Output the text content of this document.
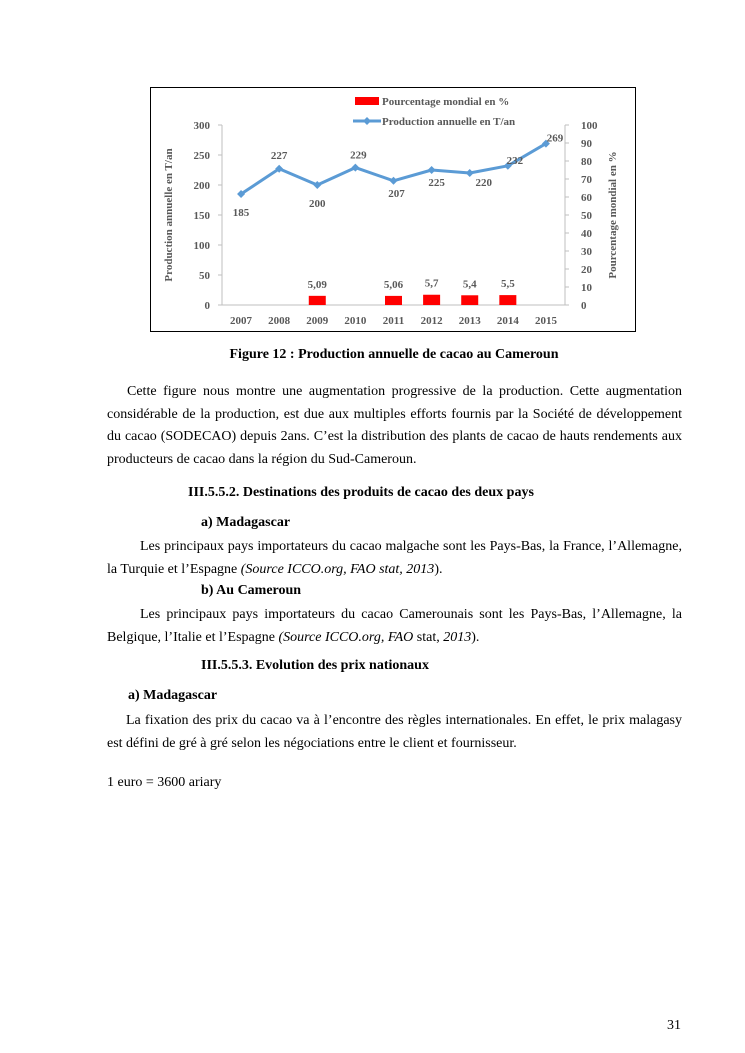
0
50
100
150
200
250
300
0
10
20
30
40
50
60
70
80
90
100
2007 2008 2009 2010 2011 2012 2013 2014 2015
Production annuelle en T/an	Pourcentage mondial en %
5,09	5,06 5,7 5,4 5,5
185
227
200
229
207
225	220
232
269
Pourcentage mondial en %
Production annuelle en T/an
Figure 12 : Production annuelle de cacao au Cameroun

Cette figure nous montre une augmentation progressive de la production. Cette augmentation considérable de la production, est due aux multiples efforts fournis par la Société de développement du cacao (SODECAO) depuis 2ans. C’est la distribution des plants de cacao de hauts rendements aux producteurs de cacao dans la région du Sud-Cameroun.

III.5.5.2. Destinations des produits de cacao des deux pays
a) Madagascar

Les principaux pays importateurs du cacao malgache sont les Pays-Bas, la France, l’Allemagne, la Turquie et l’Espagne (Source ICCO.org, FAO stat, 2013).

b) Au Cameroun

Les principaux pays importateurs du cacao Camerounais sont les Pays-Bas, l’Allemagne, la Belgique, l’Italie et l’Espagne (Source ICCO.org, FAO stat, 2013).

III.5.5.3. Evolution des prix nationaux
a) Madagascar

La fixation des prix du cacao va à l’encontre des règles internationales. En effet, le prix malagasy est défini de gré à gré selon les négociations entre le client et fournisseur.

1 euro = 3600 ariary
31
